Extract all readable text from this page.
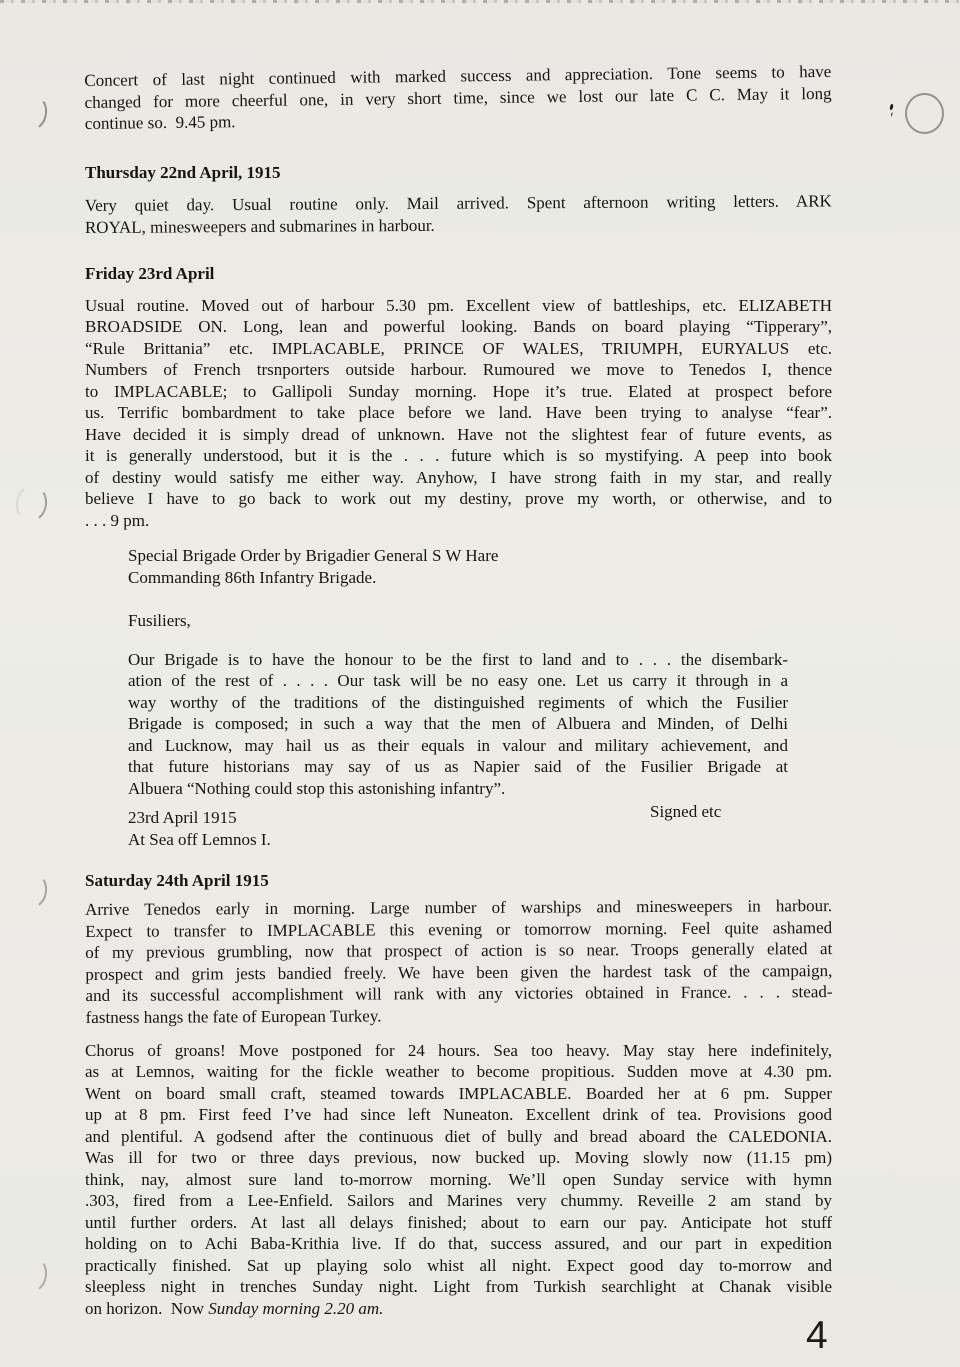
Concert of last night continued with marked success and appreciation. Tone seems to have
changed for more cheerful one, in very short time, since we lost our late C C. May it long
continue so.  9.45 pm.
Thursday 22nd April, 1915
Very quiet day. Usual routine only. Mail arrived. Spent afternoon writing letters. ARK
ROYAL, minesweepers and submarines in harbour.
Friday 23rd April
Usual routine. Moved out of harbour 5.30 pm. Excellent view of battleships, etc. ELIZABETH
BROADSIDE ON. Long, lean and powerful looking. Bands on board playing “Tipperary”,
“Rule Brittania” etc. IMPLACABLE, PRINCE OF WALES, TRIUMPH, EURYALUS etc.
Numbers of French trsnporters outside harbour. Rumoured we move to Tenedos I, thence
to IMPLACABLE; to Gallipoli Sunday morning. Hope it’s true. Elated at prospect before
us. Terrific bombardment to take place before we land. Have been trying to analyse “fear”.
Have decided it is simply dread of unknown. Have not the slightest fear of future events, as
it is generally understood, but it is the . . . future which is so mystifying. A peep into book
of destiny would satisfy me either way. Anyhow, I have strong faith in my star, and really
believe I have to go back to work out my destiny, prove my worth, or otherwise, and to
. . . 9 pm.
Special Brigade Order by Brigadier General S W Hare
Commanding 86th Infantry Brigade.
Fusiliers,
Our Brigade is to have the honour to be the first to land and to . . . the disembark-
ation of the rest of . . . . Our task will be no easy one. Let us carry it through in a
way worthy of the traditions of the distinguished regiments of which the Fusilier
Brigade is composed; in such a way that the men of Albuera and Minden, of Delhi
and Lucknow, may hail us as their equals in valour and military achievement, and
that future historians may say of us as Napier said of the Fusilier Brigade at
Albuera “Nothing could stop this astonishing infantry”.
23rd April 1915
At Sea off Lemnos I.
Signed etc
Saturday 24th April 1915
Arrive Tenedos early in morning. Large number of warships and minesweepers in harbour.
Expect to transfer to IMPLACABLE this evening or tomorrow morning. Feel quite ashamed
of my previous grumbling, now that prospect of action is so near. Troops generally elated at
prospect and grim jests bandied freely. We have been given the hardest task of the campaign,
and its successful accomplishment will rank with any victories obtained in France. . . . stead-
fastness hangs the fate of European Turkey.
Chorus of groans! Move postponed for 24 hours. Sea too heavy. May stay here indefinitely,
as at Lemnos, waiting for the fickle weather to become propitious. Sudden move at 4.30 pm.
Went on board small craft, steamed towards IMPLACABLE. Boarded her at 6 pm. Supper
up at 8 pm. First feed I’ve had since left Nuneaton. Excellent drink of tea. Provisions good
and plentiful. A godsend after the continuous diet of bully and bread aboard the CALEDONIA.
Was ill for two or three days previous, now bucked up. Moving slowly now (11.15 pm)
think, nay, almost sure land to-morrow morning. We’ll open Sunday service with hymn
.303, fired from a Lee-Enfield. Sailors and Marines very chummy. Reveille 2 am stand by
until further orders. At last all delays finished; about to earn our pay. Anticipate hot stuff
holding on to Achi Baba-Krithia live. If do that, success assured, and our part in expedition
practically finished. Sat up playing solo whist all night. Expect good day to-morrow and
sleepless night in trenches Sunday night. Light from Turkish searchlight at Chanak visible
on horizon.  Now Sunday morning 2.20 am.
4
